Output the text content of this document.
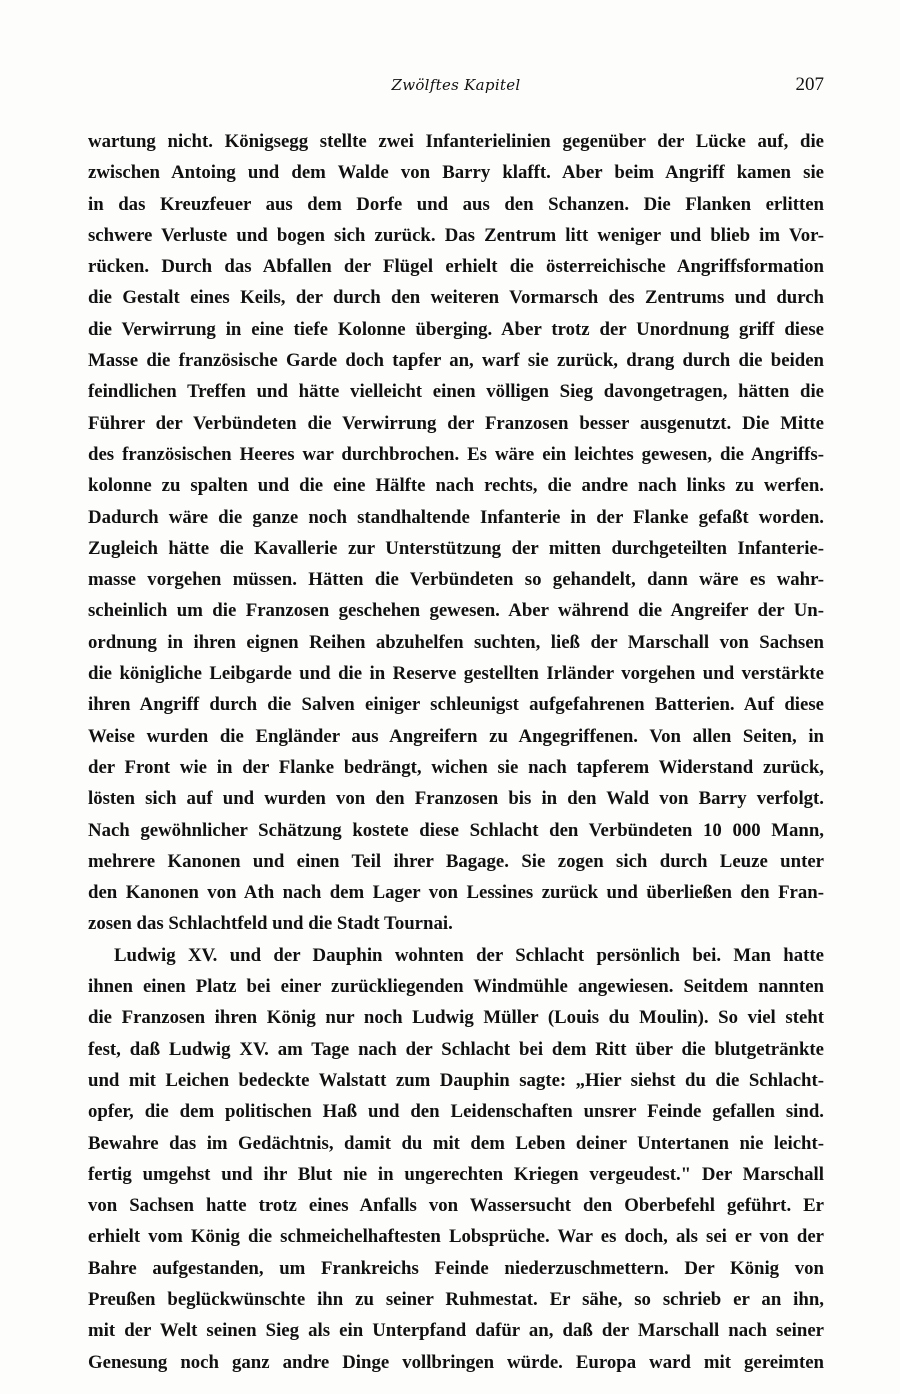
Zwölftes Kapitel	207
wartung nicht. Königsegg stellte zwei Infanterielinien gegenüber der Lücke auf, die
zwischen Antoing und dem Walde von Barry klafft. Aber beim Angriff kamen sie
in das Kreuzfeuer aus dem Dorfe und aus den Schanzen. Die Flanken erlitten
schwere Verluste und bogen sich zurück. Das Zentrum litt weniger und blieb im Vor-
rücken. Durch das Abfallen der Flügel erhielt die österreichische Angriffsformation
die Gestalt eines Keils, der durch den weiteren Vormarsch des Zentrums und durch
die Verwirrung in eine tiefe Kolonne überging. Aber trotz der Unordnung griff diese
Masse die französische Garde doch tapfer an, warf sie zurück, drang durch die beiden
feindlichen Treffen und hätte vielleicht einen völligen Sieg davongetragen, hätten die
Führer der Verbündeten die Verwirrung der Franzosen besser ausgenutzt. Die Mitte
des französischen Heeres war durchbrochen. Es wäre ein leichtes gewesen, die Angriffs-
kolonne zu spalten und die eine Hälfte nach rechts, die andre nach links zu werfen.
Dadurch wäre die ganze noch standhaltende Infanterie in der Flanke gefaßt worden.
Zugleich hätte die Kavallerie zur Unterstützung der mitten durchgeteilten Infanterie-
masse vorgehen müssen. Hätten die Verbündeten so gehandelt, dann wäre es wahr-
scheinlich um die Franzosen geschehen gewesen. Aber während die Angreifer der Un-
ordnung in ihren eignen Reihen abzuhelfen suchten, ließ der Marschall von Sachsen
die königliche Leibgarde und die in Reserve gestellten Irländer vorgehen und verstärkte
ihren Angriff durch die Salven einiger schleunigst aufgefahrenen Batterien. Auf diese
Weise wurden die Engländer aus Angreifern zu Angegriffenen. Von allen Seiten, in
der Front wie in der Flanke bedrängt, wichen sie nach tapferem Widerstand zurück,
lösten sich auf und wurden von den Franzosen bis in den Wald von Barry verfolgt.
Nach gewöhnlicher Schätzung kostete diese Schlacht den Verbündeten 10 000 Mann,
mehrere Kanonen und einen Teil ihrer Bagage. Sie zogen sich durch Leuze unter
den Kanonen von Ath nach dem Lager von Lessines zurück und überließen den Fran-
zosen das Schlachtfeld und die Stadt Tournai.
Ludwig XV. und der Dauphin wohnten der Schlacht persönlich bei. Man hatte
ihnen einen Platz bei einer zurückliegenden Windmühle angewiesen. Seitdem nannten
die Franzosen ihren König nur noch Ludwig Müller (Louis du Moulin). So viel steht
fest, daß Ludwig XV. am Tage nach der Schlacht bei dem Ritt über die blutgetränkte
und mit Leichen bedeckte Walstatt zum Dauphin sagte: „Hier siehst du die Schlacht-
opfer, die dem politischen Haß und den Leidenschaften unsrer Feinde gefallen sind.
Bewahre das im Gedächtnis, damit du mit dem Leben deiner Untertanen nie leicht-
fertig umgehst und ihr Blut nie in ungerechten Kriegen vergeudest." Der Marschall
von Sachsen hatte trotz eines Anfalls von Wassersucht den Oberbefehl geführt. Er
erhielt vom König die schmeichelhaftesten Lobsprüche. War es doch, als sei er von der
Bahre aufgestanden, um Frankreichs Feinde niederzuschmettern. Der König von
Preußen beglückwünschte ihn zu seiner Ruhmestat. Er sähe, so schrieb er an ihn,
mit der Welt seinen Sieg als ein Unterpfand dafür an, daß der Marschall nach seiner
Genesung noch ganz andre Dinge vollbringen würde. Europa ward mit gereimten
